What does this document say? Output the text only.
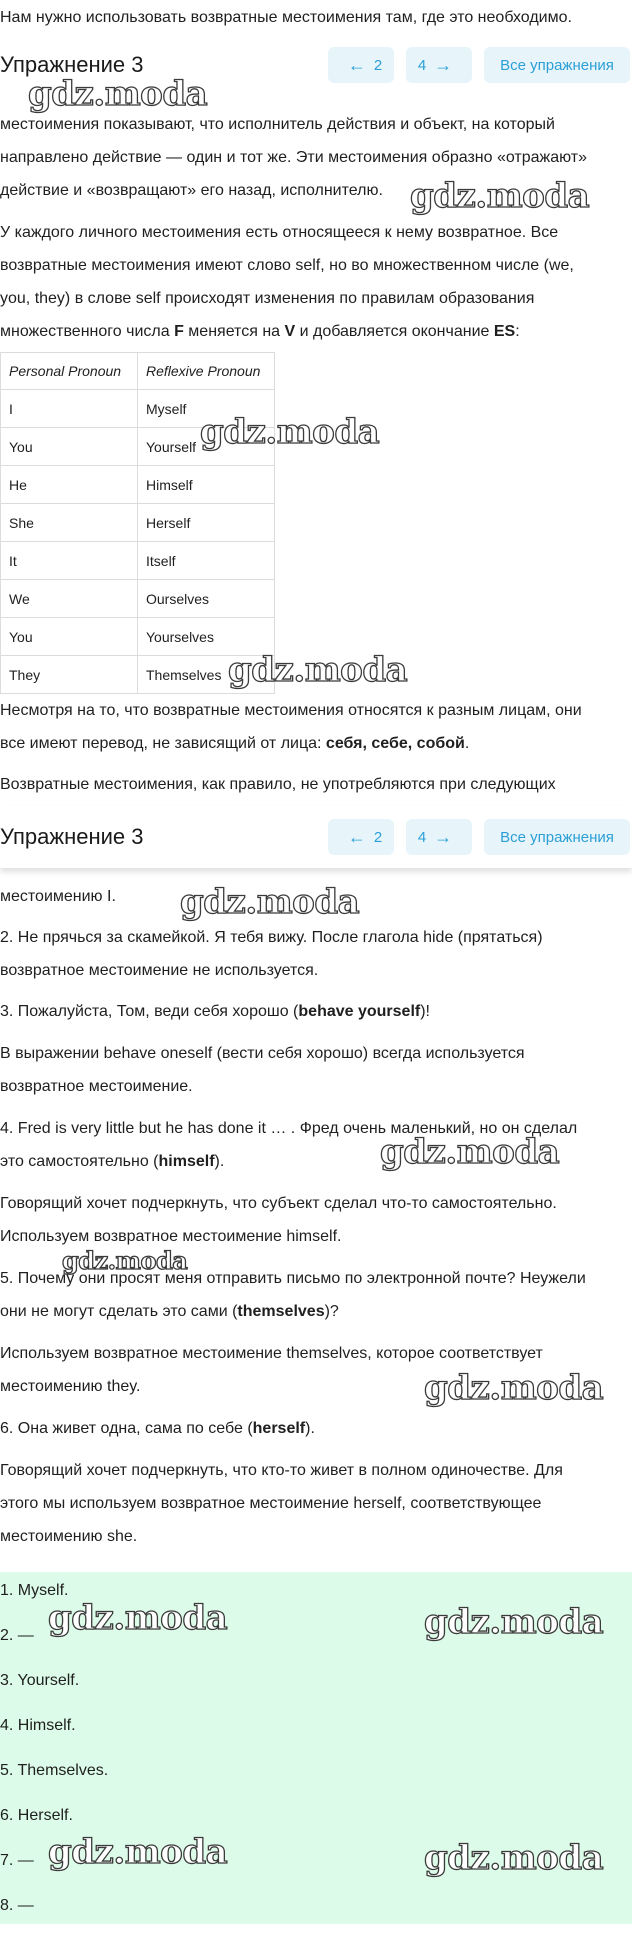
Нам нужно использовать возвратные местоимения там, где это необходимо.

Упражнение 3	← 2 4 →	Все упражнения

местоимения показывают, что исполнитель действия и объект, на который

направлено действие — один и тот же. Эти местоимения образно «отражают»

действие и «возвращают» его назад, исполнителю.

У каждого личного местоимения есть относящееся к нему возвратное. Все

возвратные местоимения имеют слово self, но во множественном числе (we,

you, they) в слове self происходят изменения по правилам образования

множественного числа F меняется на V и добавляется окончание ES:

Personal Pronoun	Reflexive Pronoun
I	Myself
You	Yourself
He	Himself
She	Herself
It	Itself
We	Ourselves
You	Yourselves
They	Themselves

Несмотря на то, что возвратные местоимения относятся к разным лицам, они

все имеют перевод, не зависящий от лица: себя, себе, собой.

Возвратные местоимения, как правило, не употребляются при следующих

Упражнение 3	← 2 4 →	Все упражнения

местоимению I.

2. Не прячься за скамейкой. Я тебя вижу. После глагола hide (прятаться)

возвратное местоимение не используется.

3. Пожалуйста, Том, веди себя хорошо (behave yourself)!

В выражении behave oneself (вести себя хорошо) всегда используется

возвратное местоимение.

4. Fred is very little but he has done it … . Фред очень маленький, но он сделал

это самостоятельно (himself).

Говорящий хочет подчеркнуть, что субъект сделал что-то самостоятельно.

Используем возвратное местоимение himself.

5. Почему они просят меня отправить письмо по электронной почте? Неужели

они не могут сделать это сами (themselves)?

Используем возвратное местоимение themselves, которое соответствует

местоимению they.

6. Она живет одна, сама по себе (herself).

Говорящий хочет подчеркнуть, что кто-то живет в полном одиночестве. Для

этого мы используем возвратное местоимение herself, соответствующее

местоимению she.

1. Myself.
2. —
3. Yourself.
4. Himself.
5. Themselves.
6. Herself.
7. —
8. —
gdz.moda
gdz.moda
gdz.moda
gdz.moda
gdz.moda
gdz.moda
gdz.moda
gdz.moda
gdz.moda	gdz.moda
gdz.moda	gdz.moda
